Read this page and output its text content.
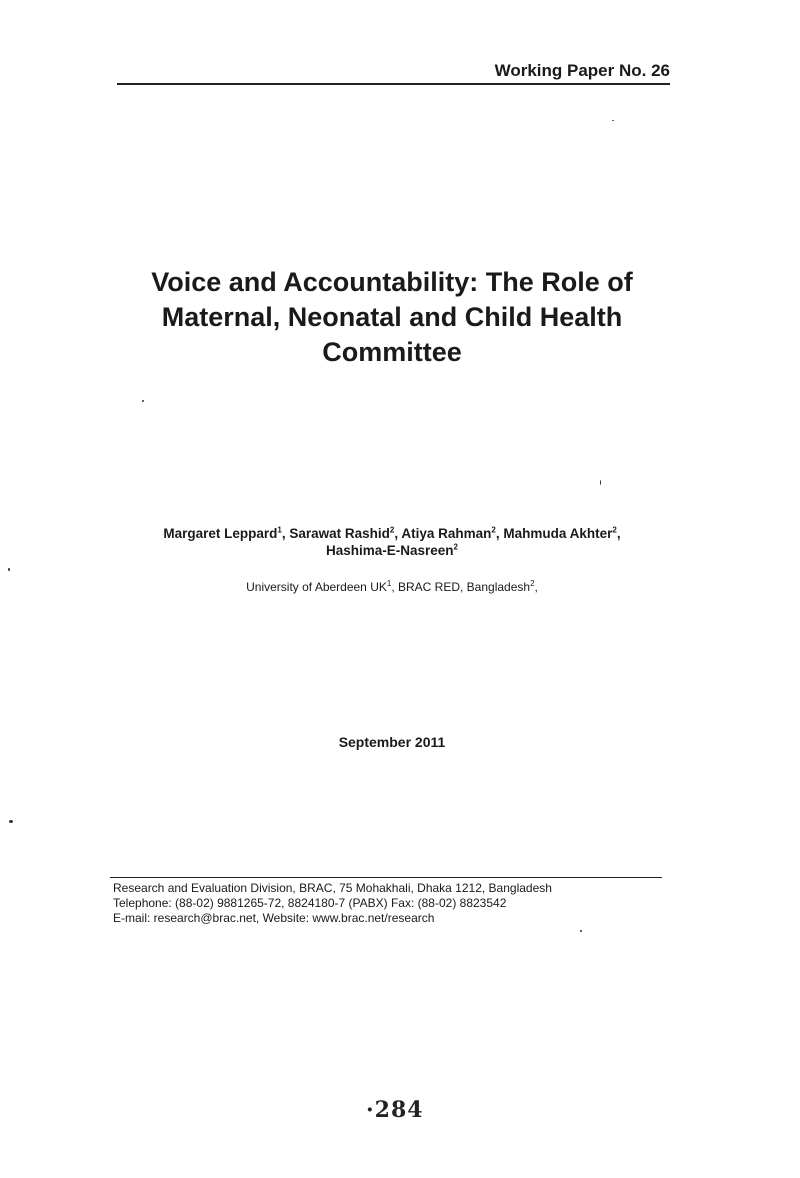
Working Paper No. 26
Voice and Accountability: The Role of
Maternal, Neonatal and Child Health
Committee
Margaret Leppard$^1$, Sarawat Rashid$^2$, Atiya Rahman$^2$, Mahmuda Akhter$^2$,
Hashima-E-Nasreen$^2$
University of Aberdeen $UK^1$, BRAC RED, Bangladesh$^2$,
September 2011
Research and Evaluation Division, BRAC, 75 Mohakhali, Dhaka 1212, Bangladesh
Telephone: (88-02) 9881265-72, 8824180-7 (PABX) Fax: (88-02) 8823542
E-mail: research@brac.net, Website: www.brac.net/research
·284
